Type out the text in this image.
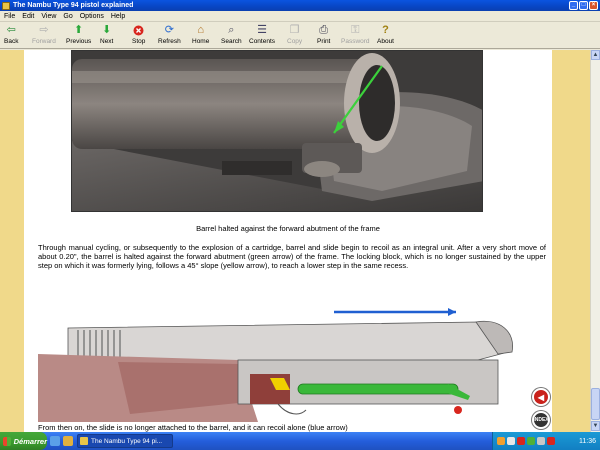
The Nambu Type 94 pistol explained	_	□	×
File Edit View Go Options Help
⇦
Back
⇨
Forward
⬆
Previous
⬇
Next	Stop
⟳
Refresh
⌂
Home
⌕
Search
☰
Contents
❐
Copy
⎙
Print
⚿
Password
?
About
Barrel halted against the forward abutment of the frame
Through manual cycling, or subsequently to the explosion of a cartridge, barrel and slide begin to recoil as an integral unit. After a very short move of about 0.20", the barrel is halted against the forward abutment (green arrow) of the frame. The locking block, which is no longer sustained by the upper step on which it was formerly lying, follows a 45° slope (yellow arrow), to reach a lower step in the same recess.
From then on, the slide is no longer attached to the barrel, and it can recoil alone (blue arrow)
◀
INDEX
▲
▼
Démarrer	The Nambu Type 94 pi...	11:36
